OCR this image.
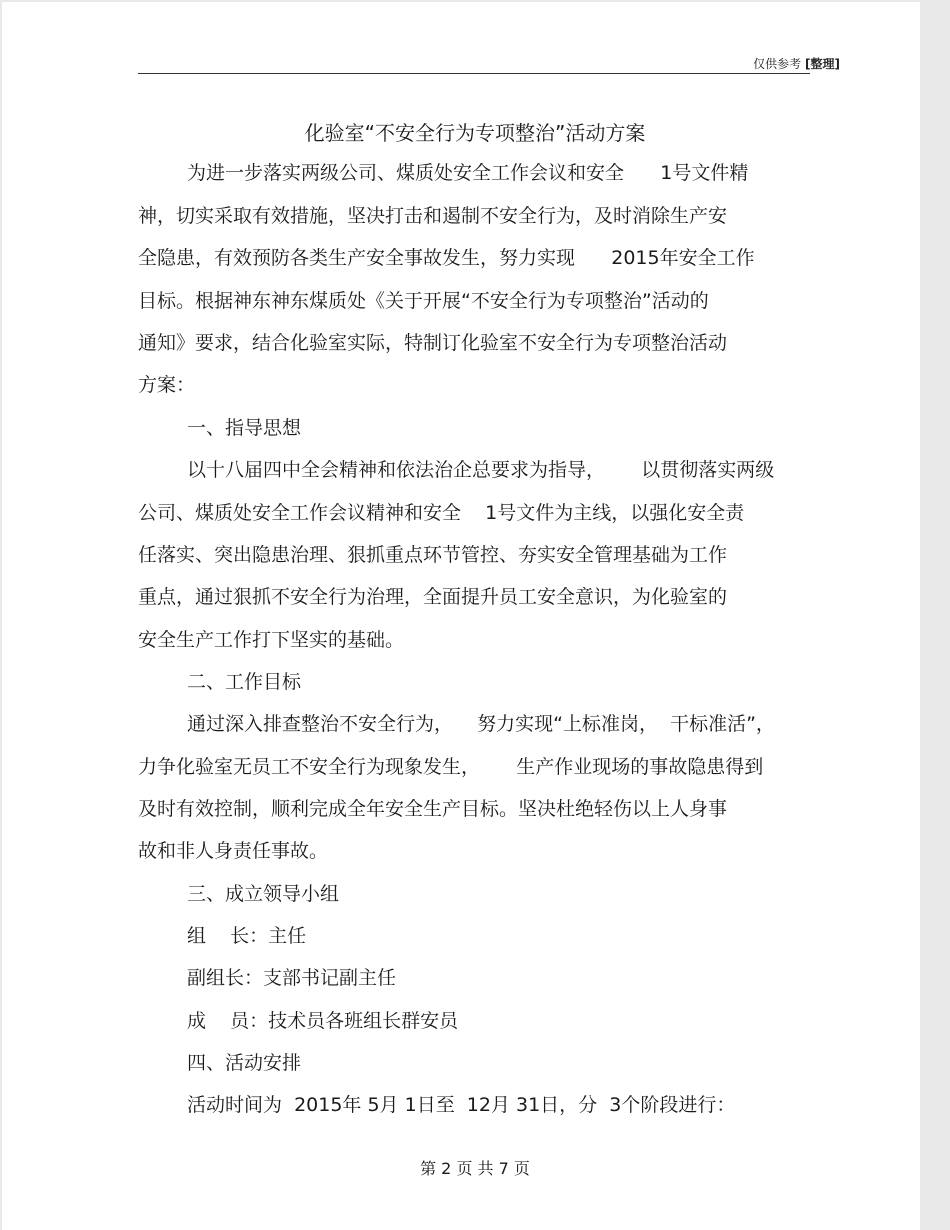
仅供参考 [整理]
化验室“不安全行为专项整治”活动方案
为进一步落实两级公司、煤质处安全工作会议和安全      1号文件精
神，切实采取有效措施，坚决打击和遏制不安全行为，及时消除生产安
全隐患，有效预防各类生产安全事故发生，努力实现      2015年安全工作
目标。根据神东神东煤质处《关于开展“不安全行为专项整治”活动的
通知》要求，结合化验室实际，特制订化验室不安全行为专项整治活动
方案：
一、指导思想
以十八届四中全会精神和依法治企总要求为指导，      以贯彻落实两级
公司、煤质处安全工作会议精神和安全    1号文件为主线，以强化安全责
任落实、突出隐患治理、狠抓重点环节管控、夯实安全管理基础为工作
重点，通过狠抓不安全行为治理，全面提升员工安全意识，为化验室的
安全生产工作打下坚实的基础。
二、工作目标
通过深入排查整治不安全行为，    努力实现“上标准岗，  干标准活”，
力争化验室无员工不安全行为现象发生，      生产作业现场的事故隐患得到
及时有效控制，顺利完成全年安全生产目标。坚决杜绝轻伤以上人身事
故和非人身责任事故。
三、成立领导小组
组    长：主任
副组长：支部书记副主任
成    员：技术员各班组长群安员
四、活动安排
活动时间为  2015年 5月 1日至  12月 31日，分  3个阶段进行：
第 2 页 共 7 页
